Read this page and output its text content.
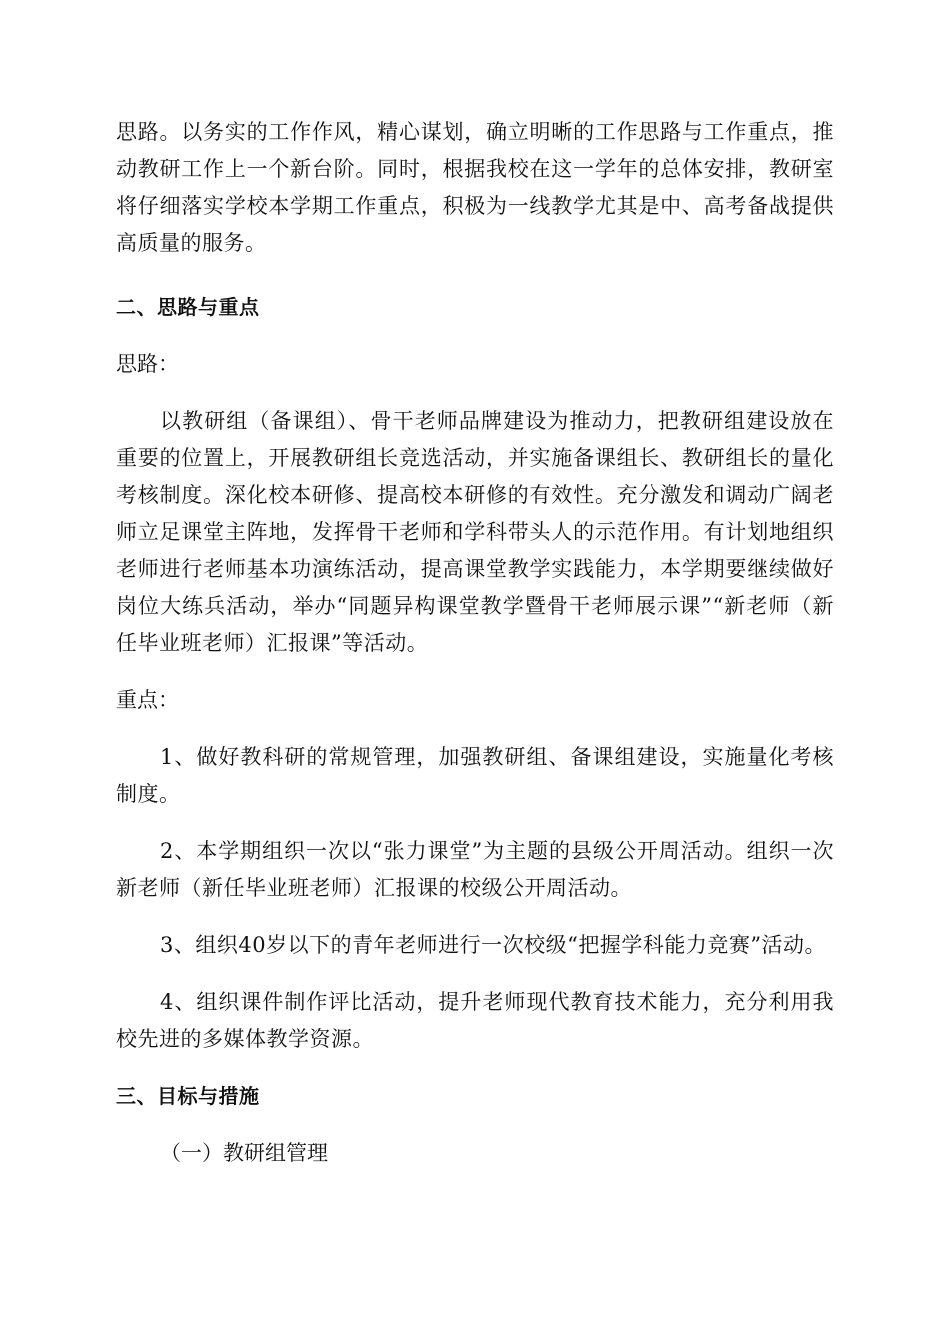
思路。以务实的工作作风，精心谋划，确立明晰的工作思路与工作重点，推动教研工作上一个新台阶。同时，根据我校在这一学年的总体安排，教研室将仔细落实学校本学期工作重点，积极为一线教学尤其是中、高考备战提供高质量的服务。

二、思路与重点

思路：

以教研组（备课组）、骨干老师品牌建设为推动力，把教研组建设放在重要的位置上，开展教研组长竞选活动，并实施备课组长、教研组长的量化考核制度。深化校本研修、提高校本研修的有效性。充分激发和调动广阔老师立足课堂主阵地，发挥骨干老师和学科带头人的示范作用。有计划地组织老师进行老师基本功演练活动，提高课堂教学实践能力，本学期要继续做好岗位大练兵活动，举办“同题异构课堂教学暨骨干老师展示课”“新老师（新任毕业班老师）汇报课”等活动。

重点：

1、做好教科研的常规管理，加强教研组、备课组建设，实施量化考核制度。

2、本学期组织一次以“张力课堂”为主题的县级公开周活动。组织一次新老师（新任毕业班老师）汇报课的校级公开周活动。

3、组织40岁以下的青年老师进行一次校级“把握学科能力竞赛”活动。

4、组织课件制作评比活动，提升老师现代教育技术能力，充分利用我校先进的多媒体教学资源。

三、目标与措施

（一）教研组管理
